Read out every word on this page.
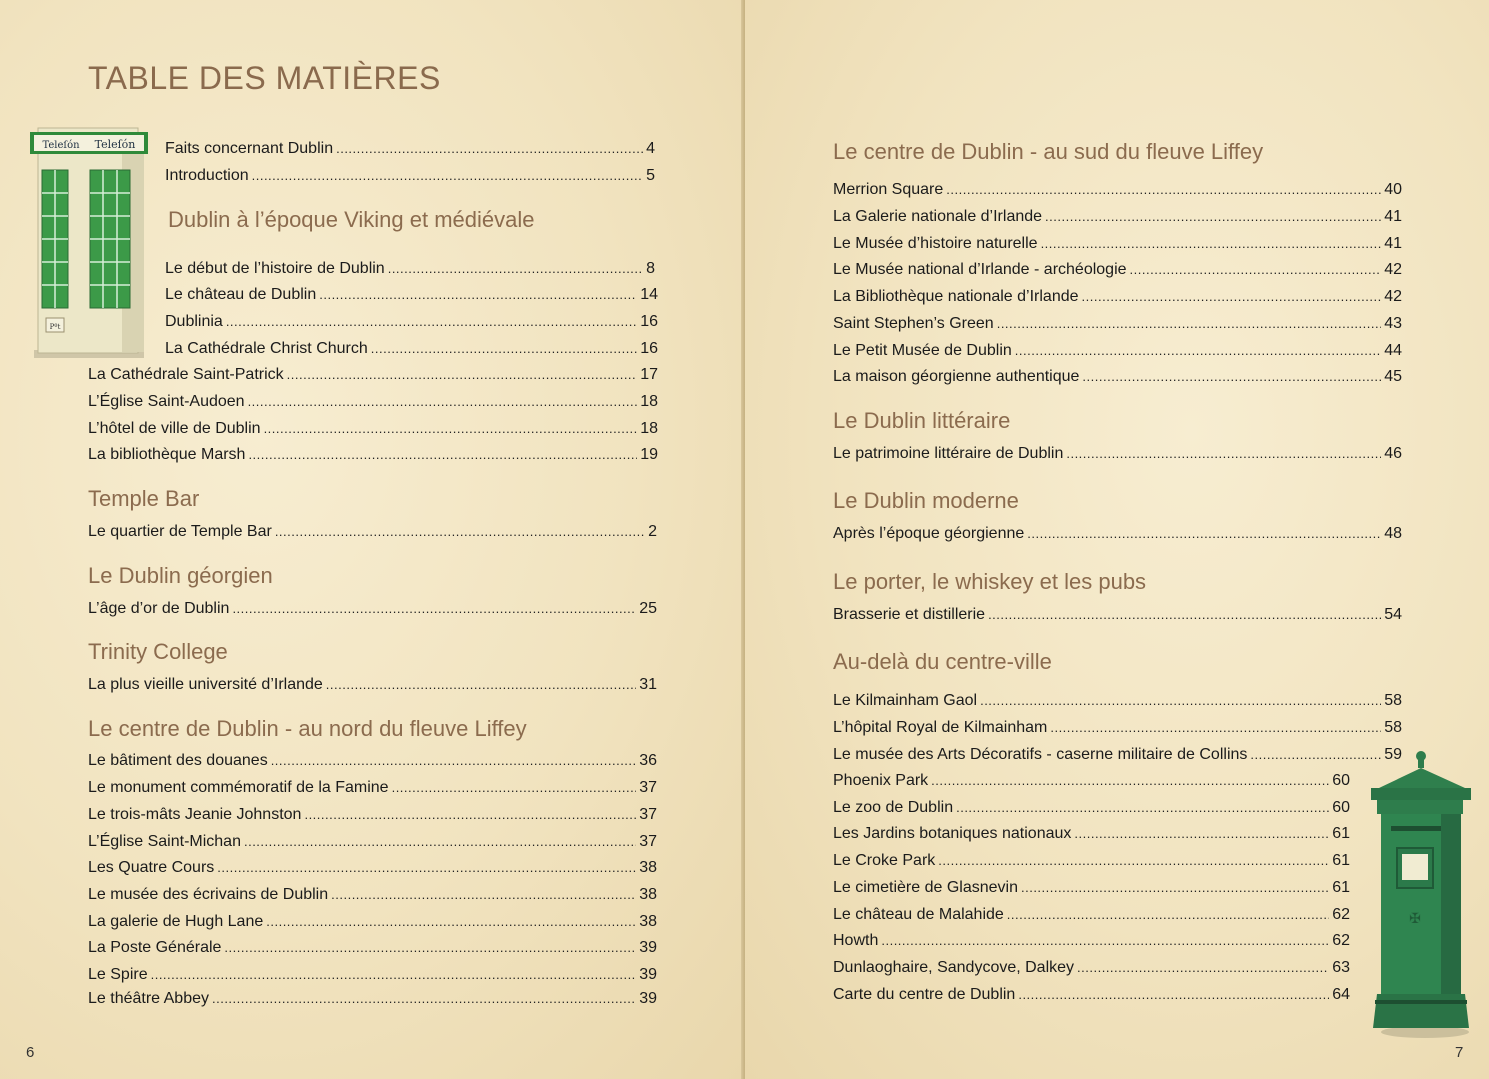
Teleſón Teleſón
Pºt
TABLE DES MATIÈRES
Faits concernant Dublin .....	4
Introduction .....	5
Dublin à l’époque Viking et médiévale
Le début de l’histoire de Dublin .....	8
Le château de Dublin .....	14
Dublinia .....	16
La Cathédrale Christ Church .....	16
La Cathédrale Saint-Patrick .....	17
L’Église Saint-Audoen .....	18
L’hôtel de ville de Dublin .....	18
La bibliothèque Marsh .....	19
Temple Bar
Le quartier de Temple Bar .....	2
Le Dublin géorgien
L’âge d’or de Dublin .....	25
Trinity College
La plus vieille université d’Irlande .....	31
Le centre de Dublin - au nord du fleuve Liffey
Le bâtiment des douanes .....	36
Le monument commémoratif de la Famine .....	37
Le trois-mâts Jeanie Johnston .....	37
L’Église Saint-Michan .....	37
Les Quatre Cours .....	38
Le musée des écrivains de Dublin .....	38
La galerie de Hugh Lane .....	38
La Poste Générale .....	39
Le Spire .....	39
Le théâtre Abbey .....	39
6
Le centre de Dublin - au sud du fleuve Liffey
Merrion Square .....	40
La Galerie nationale d’Irlande .....	41
Le Musée d’histoire naturelle .....	41
Le Musée national d’Irlande - archéologie .....	42
La Bibliothèque nationale d’Irlande .....	42
Saint Stephen’s Green .....	43
Le Petit Musée de Dublin .....	44
La maison géorgienne authentique .....	45
Le Dublin littéraire
Le patrimoine littéraire de Dublin .....	46
Le Dublin moderne
Après l’époque géorgienne .....	48
Le porter, le whiskey et les pubs
Brasserie et distillerie .....	54
Au-delà du centre-ville
Le Kilmainham Gaol .....	58
L’hôpital Royal de Kilmainham .....	58
Le musée des Arts Décoratifs - caserne militaire de Collins .....	59
Phoenix Park .....	60
Le zoo de Dublin .....	60
Les Jardins botaniques nationaux .....	61
Le Croke Park .....	61
Le cimetière de Glasnevin .....	61
Le château de Malahide .....	62
Howth .....	62
Dunlaoghaire, Sandycove, Dalkey .....	63
Carte du centre de Dublin .....	64
✠
7
